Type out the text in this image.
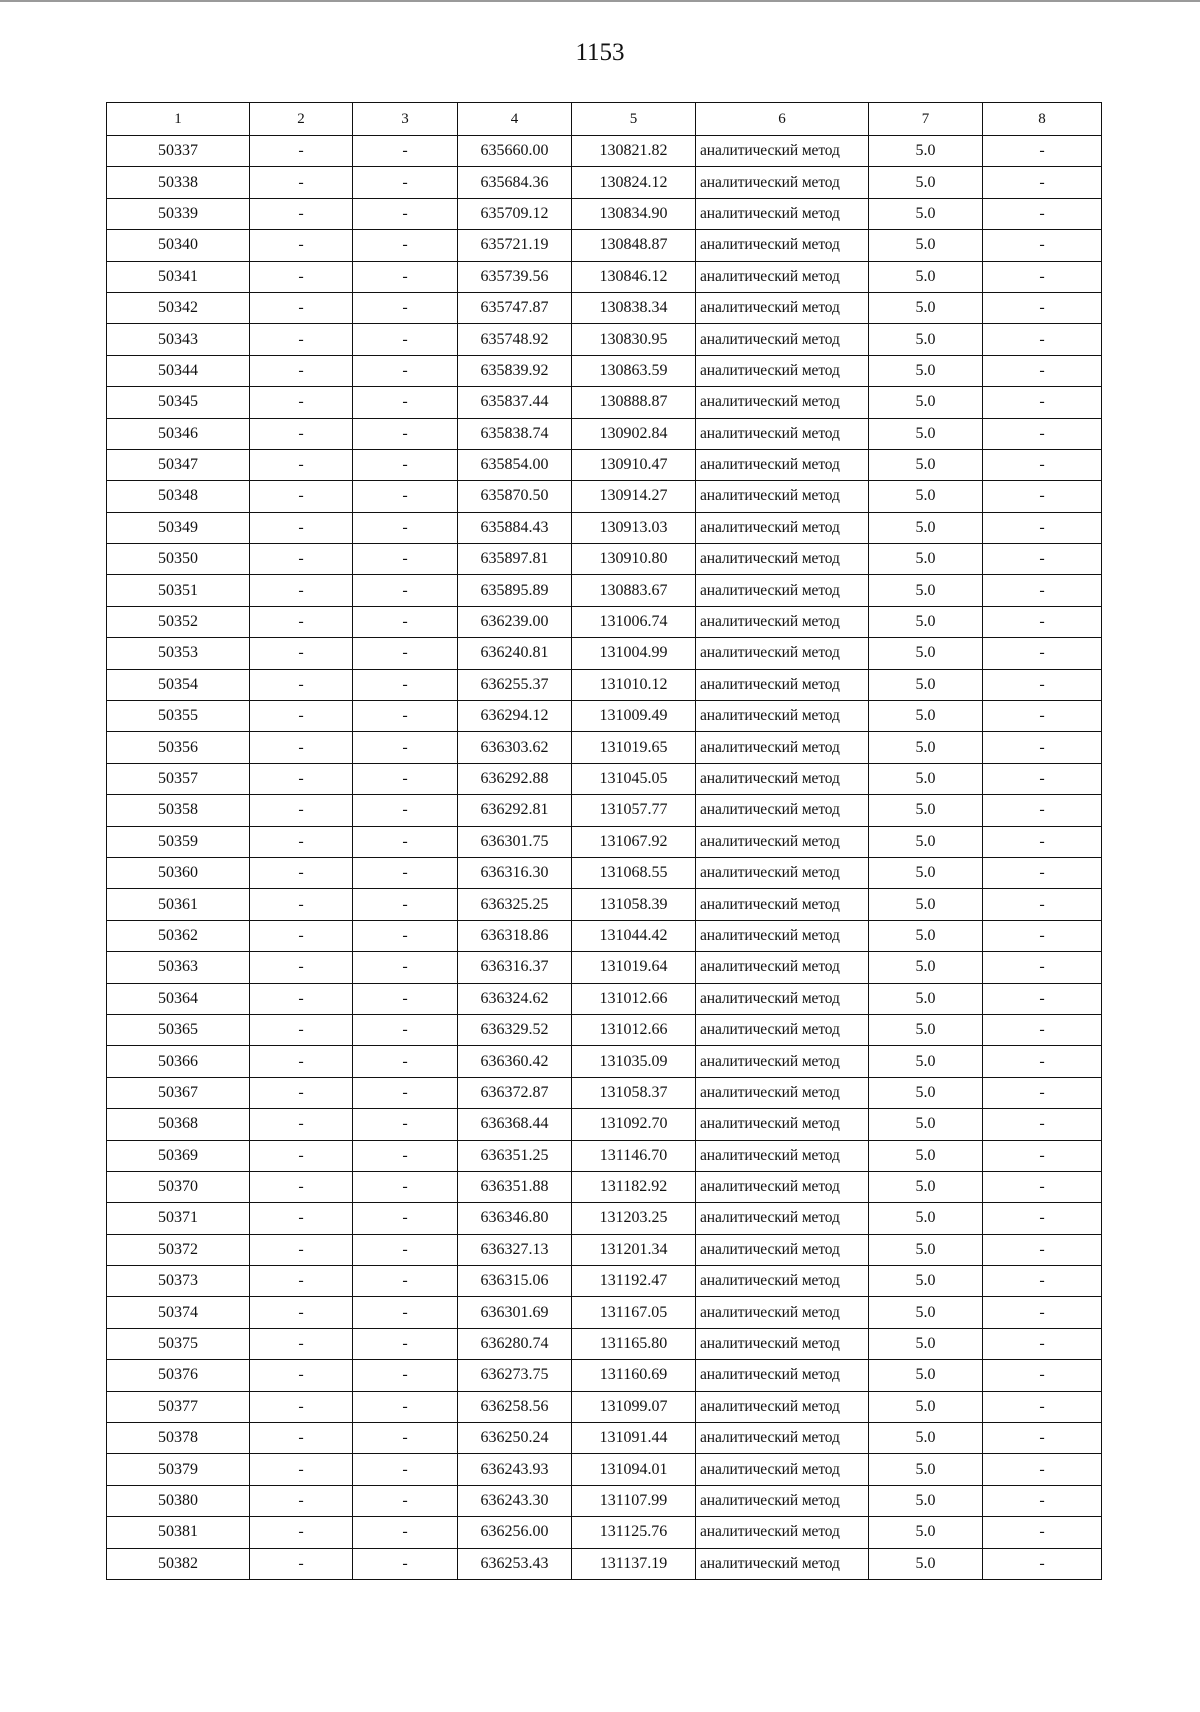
1153
1	2	3	4	5	6	7	8
50337	-	-	635660.00	130821.82	аналитический метод	5.0	-
50338	-	-	635684.36	130824.12	аналитический метод	5.0	-
50339	-	-	635709.12	130834.90	аналитический метод	5.0	-
50340	-	-	635721.19	130848.87	аналитический метод	5.0	-
50341	-	-	635739.56	130846.12	аналитический метод	5.0	-
50342	-	-	635747.87	130838.34	аналитический метод	5.0	-
50343	-	-	635748.92	130830.95	аналитический метод	5.0	-
50344	-	-	635839.92	130863.59	аналитический метод	5.0	-
50345	-	-	635837.44	130888.87	аналитический метод	5.0	-
50346	-	-	635838.74	130902.84	аналитический метод	5.0	-
50347	-	-	635854.00	130910.47	аналитический метод	5.0	-
50348	-	-	635870.50	130914.27	аналитический метод	5.0	-
50349	-	-	635884.43	130913.03	аналитический метод	5.0	-
50350	-	-	635897.81	130910.80	аналитический метод	5.0	-
50351	-	-	635895.89	130883.67	аналитический метод	5.0	-
50352	-	-	636239.00	131006.74	аналитический метод	5.0	-
50353	-	-	636240.81	131004.99	аналитический метод	5.0	-
50354	-	-	636255.37	131010.12	аналитический метод	5.0	-
50355	-	-	636294.12	131009.49	аналитический метод	5.0	-
50356	-	-	636303.62	131019.65	аналитический метод	5.0	-
50357	-	-	636292.88	131045.05	аналитический метод	5.0	-
50358	-	-	636292.81	131057.77	аналитический метод	5.0	-
50359	-	-	636301.75	131067.92	аналитический метод	5.0	-
50360	-	-	636316.30	131068.55	аналитический метод	5.0	-
50361	-	-	636325.25	131058.39	аналитический метод	5.0	-
50362	-	-	636318.86	131044.42	аналитический метод	5.0	-
50363	-	-	636316.37	131019.64	аналитический метод	5.0	-
50364	-	-	636324.62	131012.66	аналитический метод	5.0	-
50365	-	-	636329.52	131012.66	аналитический метод	5.0	-
50366	-	-	636360.42	131035.09	аналитический метод	5.0	-
50367	-	-	636372.87	131058.37	аналитический метод	5.0	-
50368	-	-	636368.44	131092.70	аналитический метод	5.0	-
50369	-	-	636351.25	131146.70	аналитический метод	5.0	-
50370	-	-	636351.88	131182.92	аналитический метод	5.0	-
50371	-	-	636346.80	131203.25	аналитический метод	5.0	-
50372	-	-	636327.13	131201.34	аналитический метод	5.0	-
50373	-	-	636315.06	131192.47	аналитический метод	5.0	-
50374	-	-	636301.69	131167.05	аналитический метод	5.0	-
50375	-	-	636280.74	131165.80	аналитический метод	5.0	-
50376	-	-	636273.75	131160.69	аналитический метод	5.0	-
50377	-	-	636258.56	131099.07	аналитический метод	5.0	-
50378	-	-	636250.24	131091.44	аналитический метод	5.0	-
50379	-	-	636243.93	131094.01	аналитический метод	5.0	-
50380	-	-	636243.30	131107.99	аналитический метод	5.0	-
50381	-	-	636256.00	131125.76	аналитический метод	5.0	-
50382	-	-	636253.43	131137.19	аналитический метод	5.0	-
